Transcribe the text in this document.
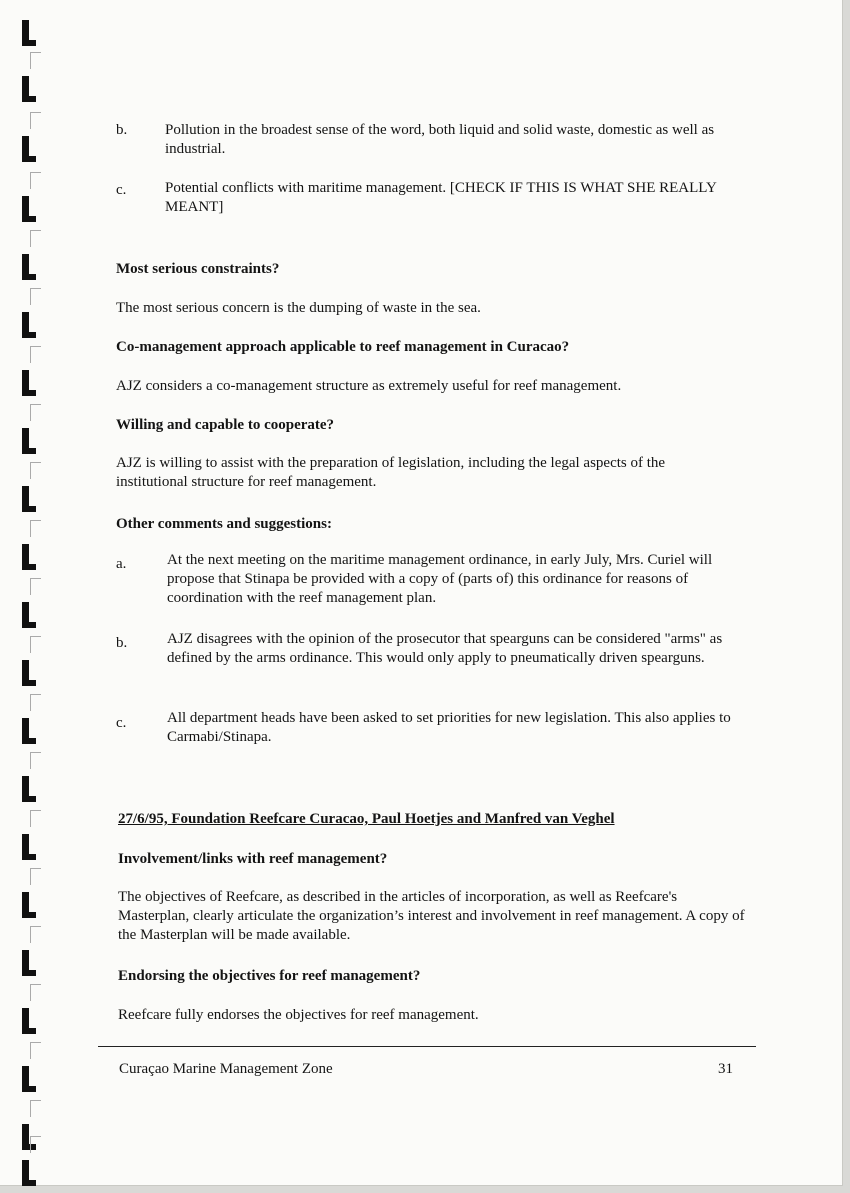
b.	Pollution in the broadest sense of the word, both liquid and solid waste, domestic as well as industrial.
c.	Potential conflicts with maritime management. [CHECK IF THIS IS WHAT SHE REALLY MEANT]
Most serious constraints?
The most serious concern is the dumping of waste in the sea.
Co-management approach applicable to reef management in Curacao?
AJZ considers a co-management structure as extremely useful for reef management.
Willing and capable to cooperate?
AJZ is willing to assist with the preparation of legislation, including the legal aspects of the institutional structure for reef management.
Other comments and suggestions:
a.	At the next meeting on the maritime management ordinance, in early July, Mrs. Curiel will propose that Stinapa be provided with a copy of (parts of) this ordinance for reasons of coordination with the reef management plan.
b.	AJZ disagrees with the opinion of the prosecutor that spearguns can be considered "arms" as defined by the arms ordinance. This would only apply to pneumatically driven spearguns.
c.	All department heads have been asked to set priorities for new legislation. This also applies to Carmabi/Stinapa.
27/6/95, Foundation Reefcare Curacao, Paul Hoetjes and Manfred van Veghel
Involvement/links with reef management?
The objectives of Reefcare, as described in the articles of incorporation, as well as Reefcare's Masterplan, clearly articulate the organization’s interest and involvement in reef management. A copy of the Masterplan will be made available.
Endorsing the objectives for reef management?
Reefcare fully endorses the objectives for reef management.
Curaçao Marine Management Zone	31
